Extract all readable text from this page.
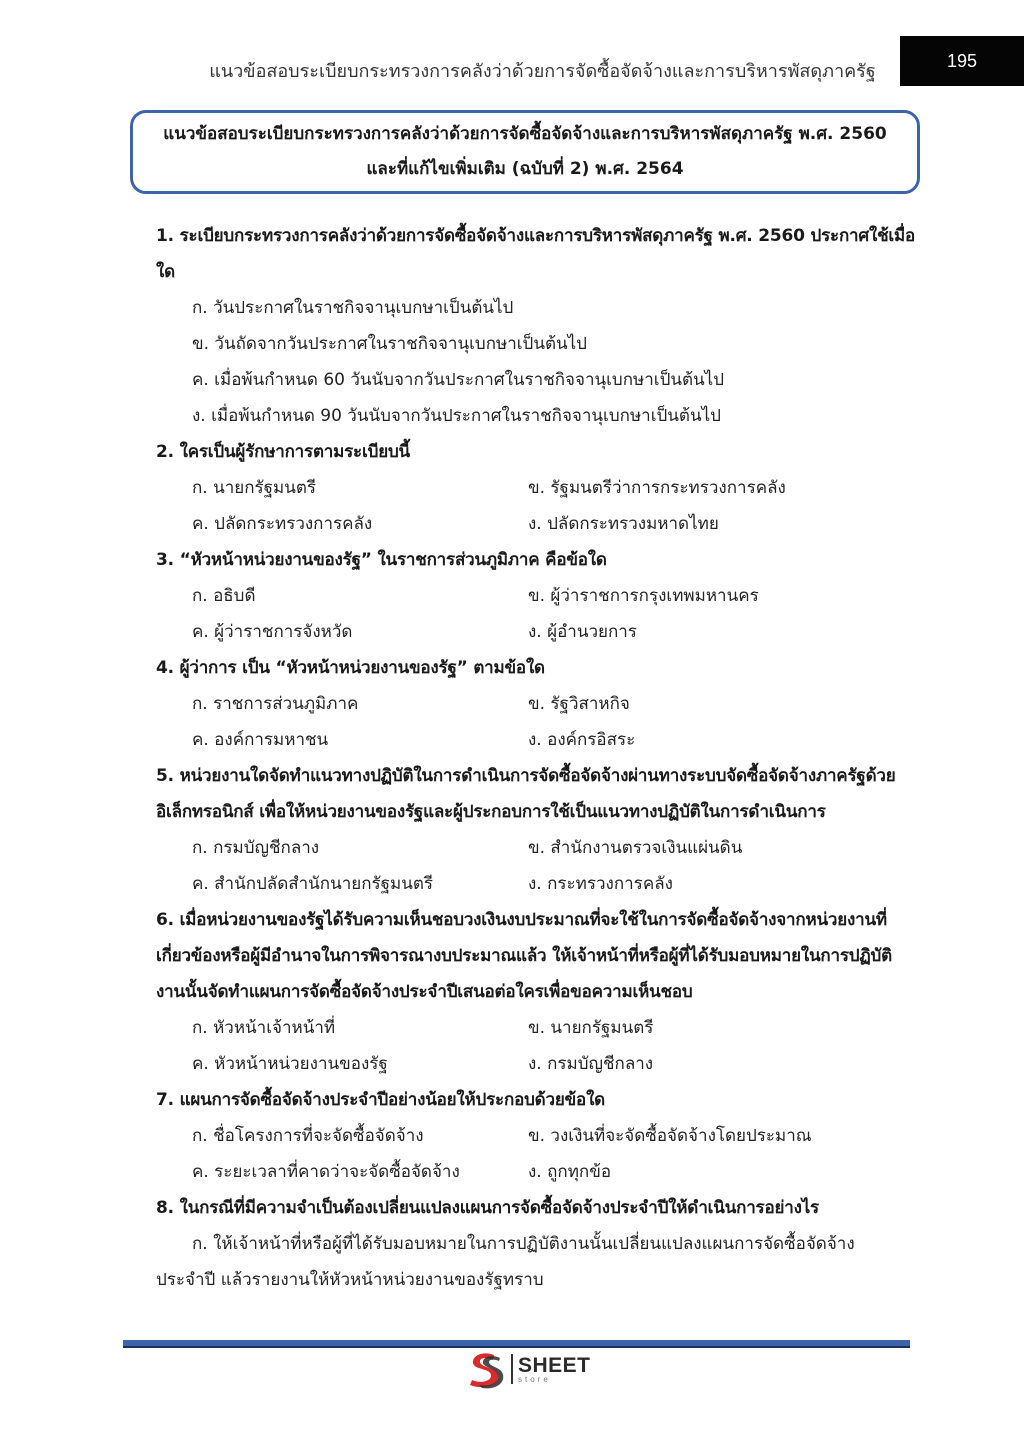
แนวข้อสอบระเบียบกระทรวงการคลังว่าด้วยการจัดซื้อจัดจ้างและการบริหารพัสดุภาครัฐ
195
แนวข้อสอบระเบียบกระทรวงการคลังว่าด้วยการจัดซื้อจัดจ้างและการบริหารพัสดุภาครัฐ พ.ศ. 2560
และที่แก้ไขเพิ่มเติม (ฉบับที่ 2) พ.ศ. 2564
1. ระเบียบกระทรวงการคลังว่าด้วยการจัดซื้อจัดจ้างและการบริหารพัสดุภาครัฐ พ.ศ. 2560 ประกาศใช้เมื่อใด
ก. วันประกาศในราชกิจจานุเบกษาเป็นต้นไป
ข. วันถัดจากวันประกาศในราชกิจจานุเบกษาเป็นต้นไป
ค. เมื่อพ้นกำหนด 60 วันนับจากวันประกาศในราชกิจจานุเบกษาเป็นต้นไป
ง. เมื่อพ้นกำหนด 90 วันนับจากวันประกาศในราชกิจจานุเบกษาเป็นต้นไป
2. ใครเป็นผู้รักษาการตามระเบียบนี้
ก. นายกรัฐมนตรี	ข. รัฐมนตรีว่าการกระทรวงการคลัง
ค. ปลัดกระทรวงการคลัง	ง. ปลัดกระทรวงมหาดไทย
3. “หัวหน้าหน่วยงานของรัฐ” ในราชการส่วนภูมิภาค คือข้อใด
ก. อธิบดี	ข. ผู้ว่าราชการกรุงเทพมหานคร
ค. ผู้ว่าราชการจังหวัด	ง. ผู้อำนวยการ
4. ผู้ว่าการ เป็น “หัวหน้าหน่วยงานของรัฐ” ตามข้อใด
ก. ราชการส่วนภูมิภาค	ข. รัฐวิสาหกิจ
ค. องค์การมหาชน	ง. องค์กรอิสระ
5. หน่วยงานใดจัดทำแนวทางปฏิบัติในการดำเนินการจัดซื้อจัดจ้างผ่านทางระบบจัดซื้อจัดจ้างภาครัฐด้วยอิเล็กทรอนิกส์ เพื่อให้หน่วยงานของรัฐและผู้ประกอบการใช้เป็นแนวทางปฏิบัติในการดำเนินการ
ก. กรมบัญชีกลาง	ข. สำนักงานตรวจเงินแผ่นดิน
ค. สำนักปลัดสำนักนายกรัฐมนตรี	ง. กระทรวงการคลัง
6. เมื่อหน่วยงานของรัฐได้รับความเห็นชอบวงเงินงบประมาณที่จะใช้ในการจัดซื้อจัดจ้างจากหน่วยงานที่เกี่ยวข้องหรือผู้มีอำนาจในการพิจารณางบประมาณแล้ว ให้เจ้าหน้าที่หรือผู้ที่ได้รับมอบหมายในการปฏิบัติงานนั้นจัดทำแผนการจัดซื้อจัดจ้างประจำปีเสนอต่อใครเพื่อขอความเห็นชอบ
ก. หัวหน้าเจ้าหน้าที่	ข. นายกรัฐมนตรี
ค. หัวหน้าหน่วยงานของรัฐ	ง. กรมบัญชีกลาง
7. แผนการจัดซื้อจัดจ้างประจำปีอย่างน้อยให้ประกอบด้วยข้อใด
ก. ชื่อโครงการที่จะจัดซื้อจัดจ้าง	ข. วงเงินที่จะจัดซื้อจัดจ้างโดยประมาณ
ค. ระยะเวลาที่คาดว่าจะจัดซื้อจัดจ้าง	ง. ถูกทุกข้อ
8. ในกรณีที่มีความจำเป็นต้องเปลี่ยนแปลงแผนการจัดซื้อจัดจ้างประจำปีให้ดำเนินการอย่างไร
ก. ให้เจ้าหน้าที่หรือผู้ที่ได้รับมอบหมายในการปฏิบัติงานนั้นเปลี่ยนแปลงแผนการจัดซื้อจัดจ้าง
ประจำปี แล้วรายงานให้หัวหน้าหน่วยงานของรัฐทราบ
SHEET
store
